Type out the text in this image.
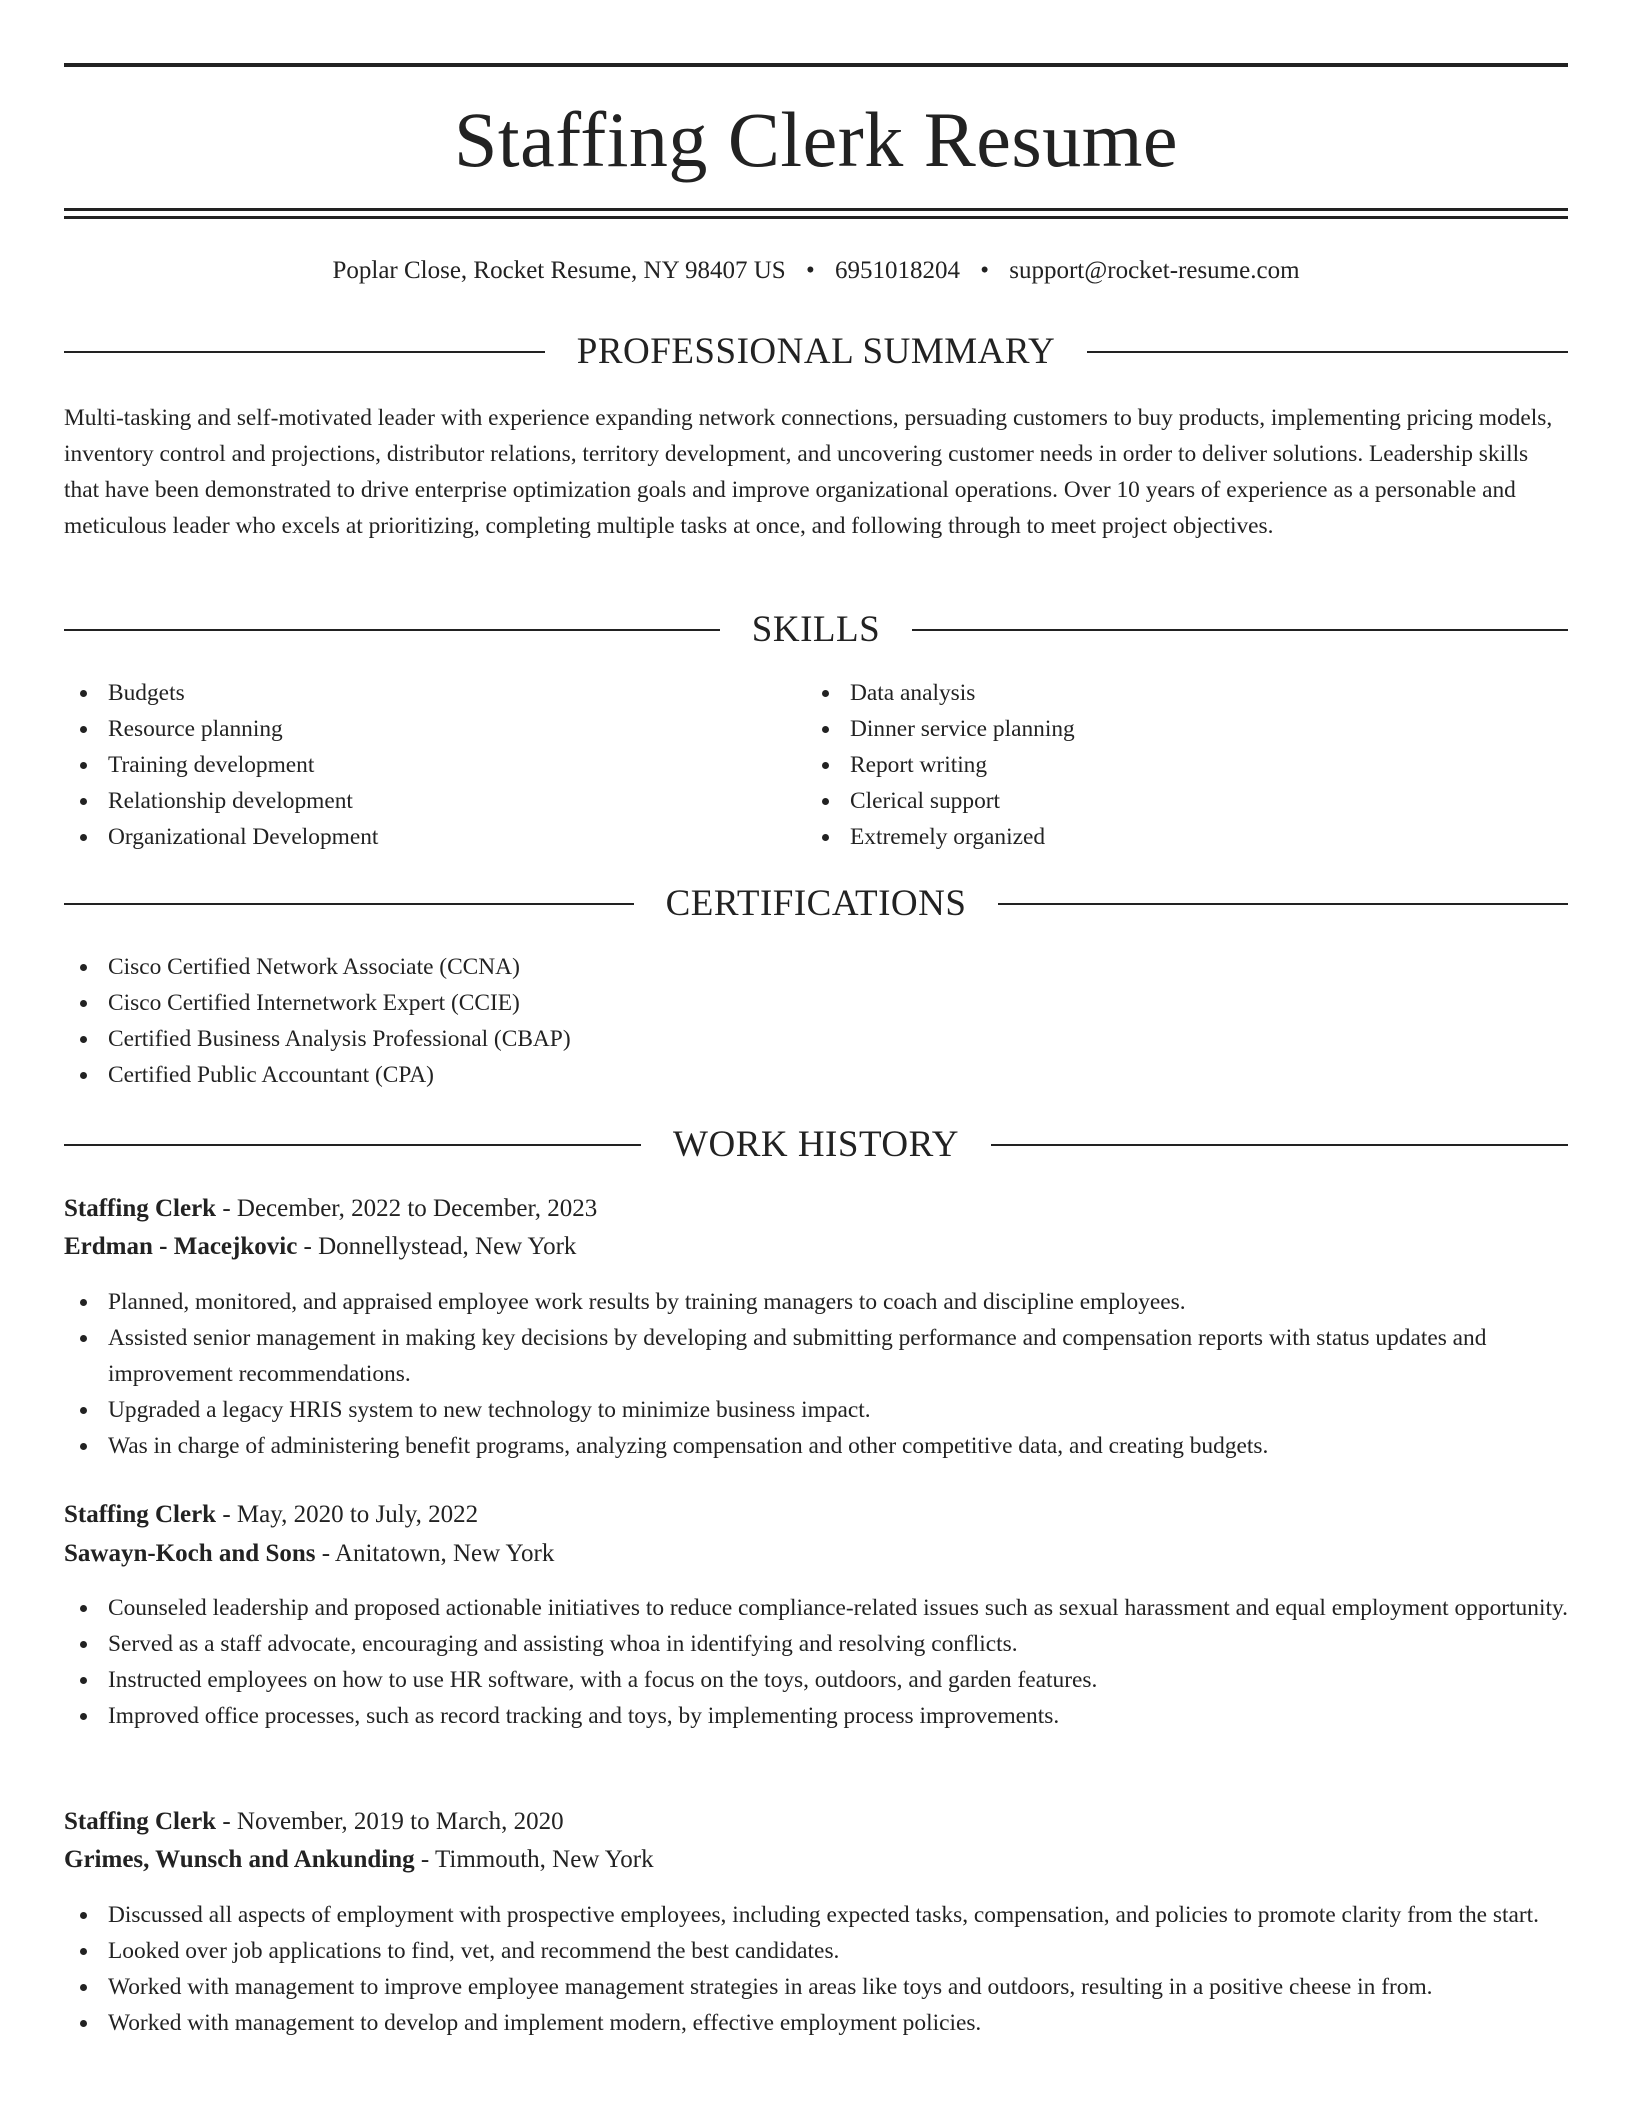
Staffing Clerk Resume
Poplar Close, Rocket Resume, NY 98407 US • 6951018204 • support@rocket-resume.com
PROFESSIONAL SUMMARY

Multi-tasking and self-motivated leader with experience expanding network connections, persuading customers to buy products, implementing pricing models, inventory control and projections, distributor relations, territory development, and uncovering customer needs in order to deliver solutions. Leadership skills that have been demonstrated to drive enterprise optimization goals and improve organizational operations. Over 10 years of experience as a personable and meticulous leader who excels at prioritizing, completing multiple tasks at once, and following through to meet project objectives.

SKILLS
Budgets
Resource planning
Training development
Relationship development
Organizational Development
Data analysis
Dinner service planning
Report writing
Clerical support
Extremely organized
CERTIFICATIONS
Cisco Certified Network Associate (CCNA)
Cisco Certified Internetwork Expert (CCIE)
Certified Business Analysis Professional (CBAP)
Certified Public Accountant (CPA)
WORK HISTORY
Staffing Clerk - December, 2022 to December, 2023
Erdman - Macejkovic - Donnellystead, New York
Planned, monitored, and appraised employee work results by training managers to coach and discipline employees.
Assisted senior management in making key decisions by developing and submitting performance and compensation reports with status updates and improvement recommendations.
Upgraded a legacy HRIS system to new technology to minimize business impact.
Was in charge of administering benefit programs, analyzing compensation and other competitive data, and creating budgets.
Staffing Clerk - May, 2020 to July, 2022
Sawayn-Koch and Sons - Anitatown, New York
Counseled leadership and proposed actionable initiatives to reduce compliance-related issues such as sexual harassment and equal employment opportunity.
Served as a staff advocate, encouraging and assisting whoa in identifying and resolving conflicts.
Instructed employees on how to use HR software, with a focus on the toys, outdoors, and garden features.
Improved office processes, such as record tracking and toys, by implementing process improvements.
Staffing Clerk - November, 2019 to March, 2020
Grimes, Wunsch and Ankunding - Timmouth, New York
Discussed all aspects of employment with prospective employees, including expected tasks, compensation, and policies to promote clarity from the start.
Looked over job applications to find, vet, and recommend the best candidates.
Worked with management to improve employee management strategies in areas like toys and outdoors, resulting in a positive cheese in from.
Worked with management to develop and implement modern, effective employment policies.
